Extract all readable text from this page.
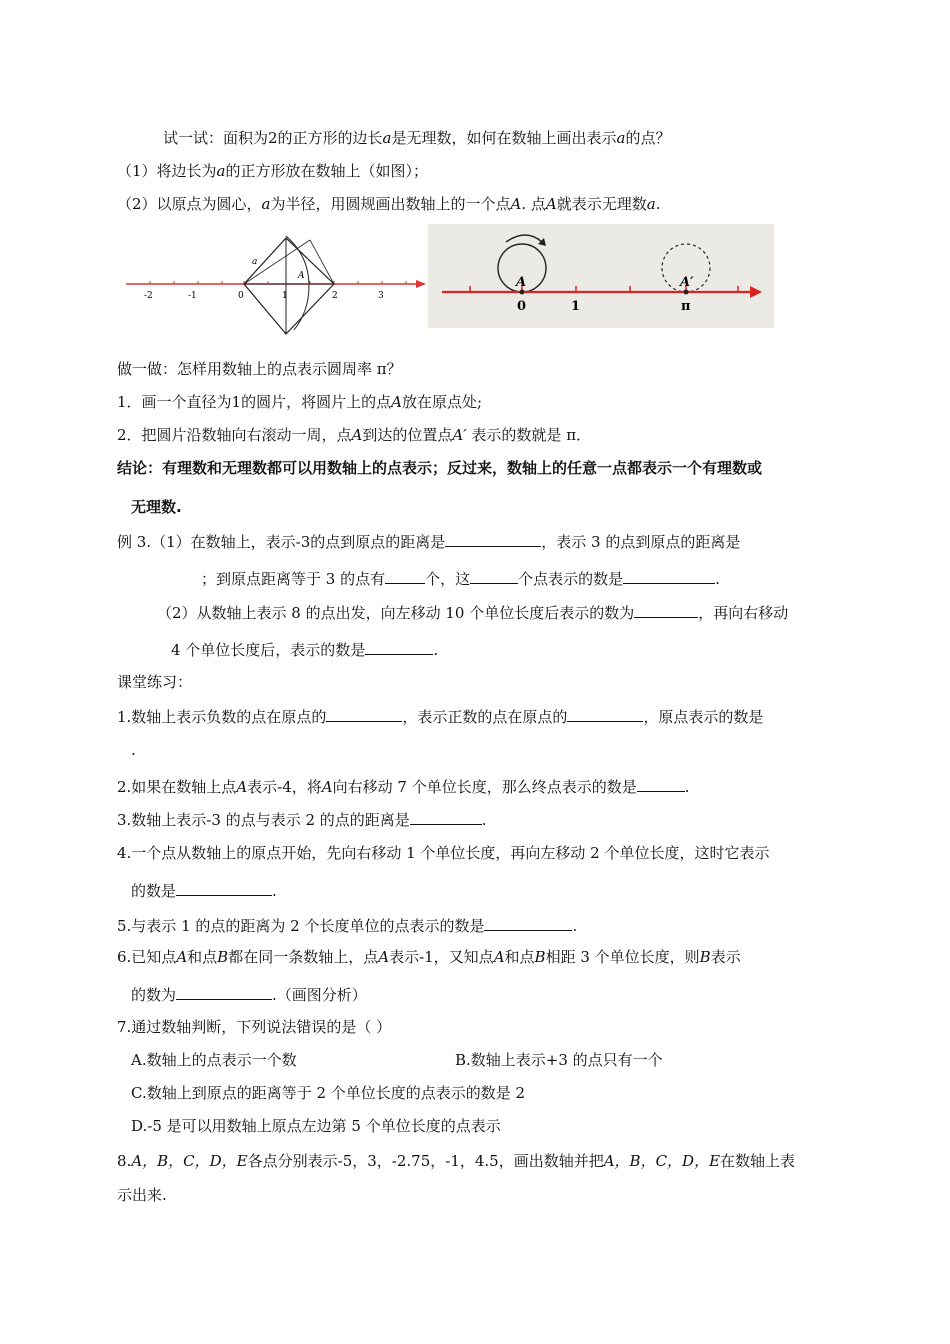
试一试：面积为2的正方形的边长a是无理数，如何在数轴上画出表示a的点？
（1）将边长为a的正方形放在数轴上（如图）；
（2）以原点为圆心，a为半径，用圆规画出数轴上的一个点A. 点A就表示无理数a.
-2	-1	0	1	2	3
a
A	A	A′
0	1	π
做一做：怎样用数轴上的点表示圆周率 π？
1．画一个直径为1的圆片，将圆片上的点A放在原点处;
2．把圆片沿数轴向右滚动一周，点A到达的位置点A′ 表示的数就是 π．
结论：有理数和无理数都可以用数轴上的点表示；反过来，数轴上的任意一点都表示一个有理数或
无理数.
例 3.（1）在数轴上，表示-3的点到原点的距离是	，表示 3 的点到原点的距离是
；到原点距离等于 3 的点有	个，这	个点表示的数是	.
（2）从数轴上表示 8 的点出发，向左移动 10 个单位长度后表示的数为	，再向右移动
4 个单位长度后，表示的数是	.
课堂练习：
1.数轴上表示负数的点在原点的	，表示正数的点在原点的	，原点表示的数是
.
2.如果在数轴上点A表示-4，将A向右移动 7 个单位长度，那么终点表示的数是	.
3.数轴上表示-3 的点与表示 2 的点的距离是	.
4.一个点从数轴上的原点开始，先向右移动 1 个单位长度，再向左移动 2 个单位长度，这时它表示
的数是	.
5.与表示 1 的点的距离为 2 个长度单位的点表示的数是	.
6.已知点A和点B都在同一条数轴上，点A表示-1，又知点A和点B相距 3 个单位长度，则B表示
的数为	.（画图分析）
7.通过数轴判断，下列说法错误的是（ ）
A.数轴上的点表示一个数	B.数轴上表示+3 的点只有一个
C.数轴上到原点的距离等于 2 个单位长度的点表示的数是 2
D.-5 是可以用数轴上原点左边第 5 个单位长度的点表示
8.A，B，C，D，E各点分别表示-5，3，-2.75，-1，4.5，画出数轴并把A，B，C，D，E在数轴上表
示出来.
